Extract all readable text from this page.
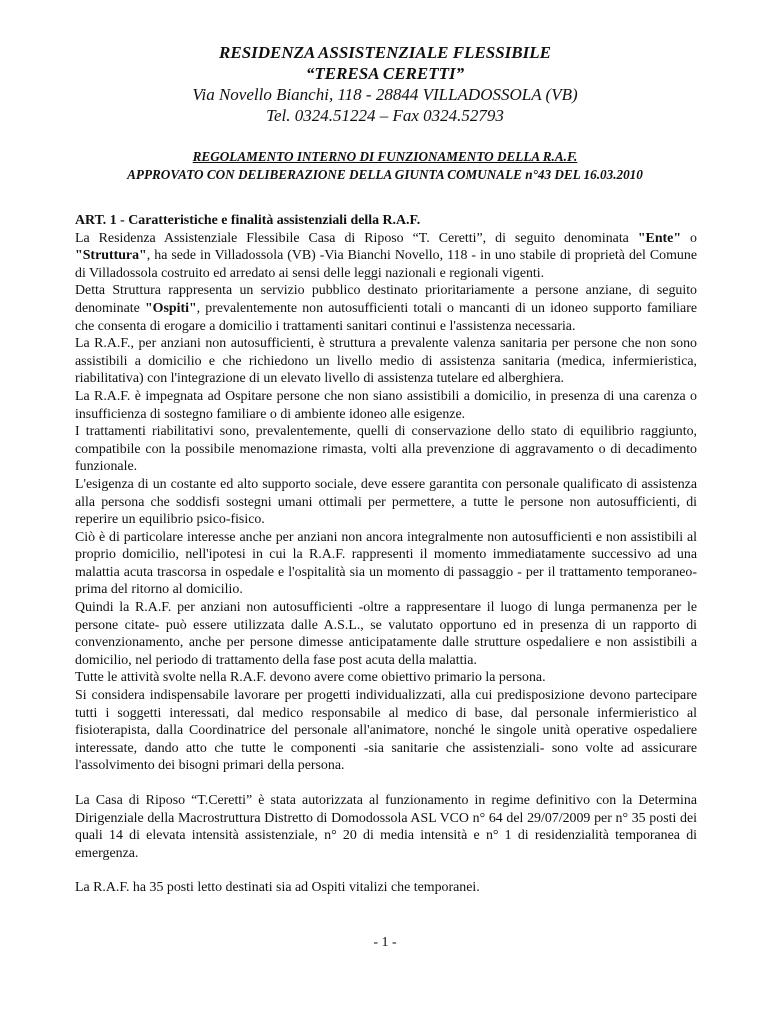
RESIDENZA ASSISTENZIALE FLESSIBILE
“TERESA CERETTI”
Via Novello Bianchi, 118 - 28844 VILLADOSSOLA (VB)
Tel. 0324.51224 – Fax 0324.52793
REGOLAMENTO INTERNO DI FUNZIONAMENTO DELLA R.A.F.
APPROVATO CON DELIBERAZIONE DELLA GIUNTA COMUNALE n°43 DEL 16.03.2010

ART. 1 - Caratteristiche e finalità assistenziali della R.A.F.

La Residenza Assistenziale Flessibile Casa di Riposo “T. Ceretti”, di seguito denominata "Ente" o "Struttura", ha sede in Villadossola (VB) -Via Bianchi Novello, 118 - in uno stabile di proprietà del Comune di Villadossola costruito ed arredato ai sensi delle leggi nazionali e regionali vigenti.

Detta Struttura rappresenta un servizio pubblico destinato prioritariamente a persone anziane, di seguito denominate "Ospiti", prevalentemente non autosufficienti totali o mancanti di un idoneo supporto familiare che consenta di erogare a domicilio i trattamenti sanitari continui e l'assistenza necessaria.

La R.A.F., per anziani non autosufficienti, è struttura a prevalente valenza sanitaria per persone che non sono assistibili a domicilio e che richiedono un livello medio di assistenza sanitaria (medica, infermieristica, riabilitativa) con l'integrazione di un elevato livello di assistenza tutelare ed alberghiera.

La R.A.F. è impegnata ad Ospitare persone che non siano assistibili a domicilio, in presenza di una carenza o insufficienza di sostegno familiare o di ambiente idoneo alle esigenze.

I trattamenti riabilitativi sono, prevalentemente, quelli di conservazione dello stato di equilibrio raggiunto, compatibile con la possibile menomazione rimasta, volti alla prevenzione di aggravamento o di decadimento funzionale.

L'esigenza di un costante ed alto supporto sociale, deve essere garantita con personale qualificato di assistenza alla persona che soddisfi sostegni umani ottimali per permettere, a tutte le persone non autosufficienti, di reperire un equilibrio psico-fisico.

Ciò è di particolare interesse anche per anziani non ancora integralmente non autosufficienti e non assistibili al proprio domicilio, nell'ipotesi in cui la R.A.F. rappresenti il momento immediatamente successivo ad una malattia acuta trascorsa in ospedale e l'ospitalità sia un momento di passaggio - per il trattamento temporaneo- prima del ritorno al domicilio.

Quindi la R.A.F. per anziani non autosufficienti -oltre a rappresentare il luogo di lunga permanenza per le persone citate- può essere utilizzata dalle A.S.L., se valutato opportuno ed in presenza di un rapporto di convenzionamento, anche per persone dimesse anticipatamente dalle strutture ospedaliere e non assistibili a domicilio, nel periodo di trattamento della fase post acuta della malattia.

Tutte le attività svolte nella R.A.F. devono avere come obiettivo primario la persona.

Si considera indispensabile lavorare per progetti individualizzati, alla cui predisposizione devono partecipare tutti i soggetti interessati, dal medico responsabile al medico di base, dal personale infermieristico al fisioterapista, dalla Coordinatrice del personale all'animatore, nonché le singole unità operative ospedaliere interessate, dando atto che tutte le componenti -sia sanitarie che assistenziali- sono volte ad assicurare l'assolvimento dei bisogni primari della persona.

La Casa di Riposo “T.Ceretti” è stata autorizzata al funzionamento in regime definitivo con la Determina Dirigenziale della Macrostruttura Distretto di Domodossola ASL VCO n° 64 del 29/07/2009 per n° 35 posti dei quali 14 di elevata intensità assistenziale, n° 20 di media intensità e n° 1 di residenzialità temporanea di emergenza.

La R.A.F. ha 35 posti letto destinati sia ad Ospiti vitalizi che temporanei.

- 1 -
